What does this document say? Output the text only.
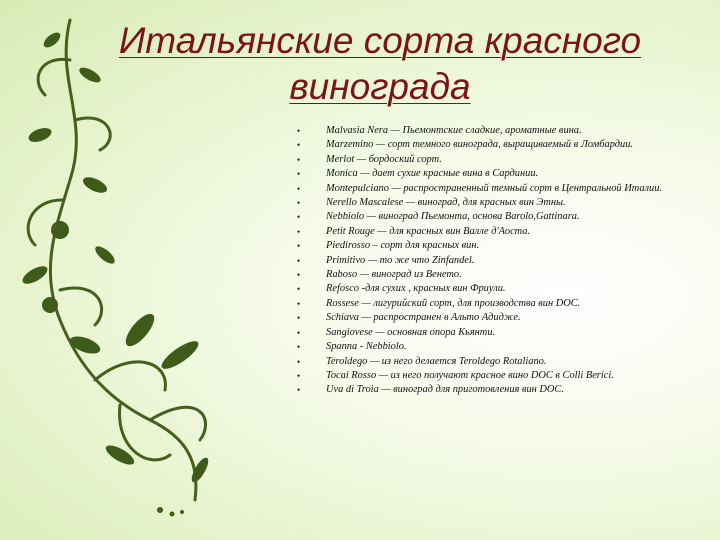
Итальянские сорта красного
винограда
• Malvasia Nera — Пьемонтские сладкие, ароматные вина.
• Marzemino — сорт темного винограда, выращиваемый в Ломбардии.
• Merlot — бордоский сорт.
• Monica — дает сухие красные вина в Сардинии.
• Montepulciano — распространенный темный сорт в Центральной Италии.
• Nerello Mascalese — виноград, для красных вин Этны.
• Nebbiolo — виноград Пьемонта, основа Barolo,Gattinara.
• Petit Rouge — для красных вин Валле д'Аоста.
• Piedirosso – сорт для красных вин.
• Primitivo — то же что Zinfandel.
• Raboso — виноград из Венето.
• Refosco -для сухих , красных вин Фриули.
• Rossese — лигурийский сорт, для производства вин DOC.
• Schiava — распространен в Альто Адидже.
• Sangiovese — основная опора Кьянти.
• Spanna - Nebbiolo.
• Teroldego — из него делается Teroldego Rotaliano.
• Tocai Rosso — из него получают красное вино DOC в Colli Berici.
• Uva di Troia — виноград для приготовления вин DOC.
